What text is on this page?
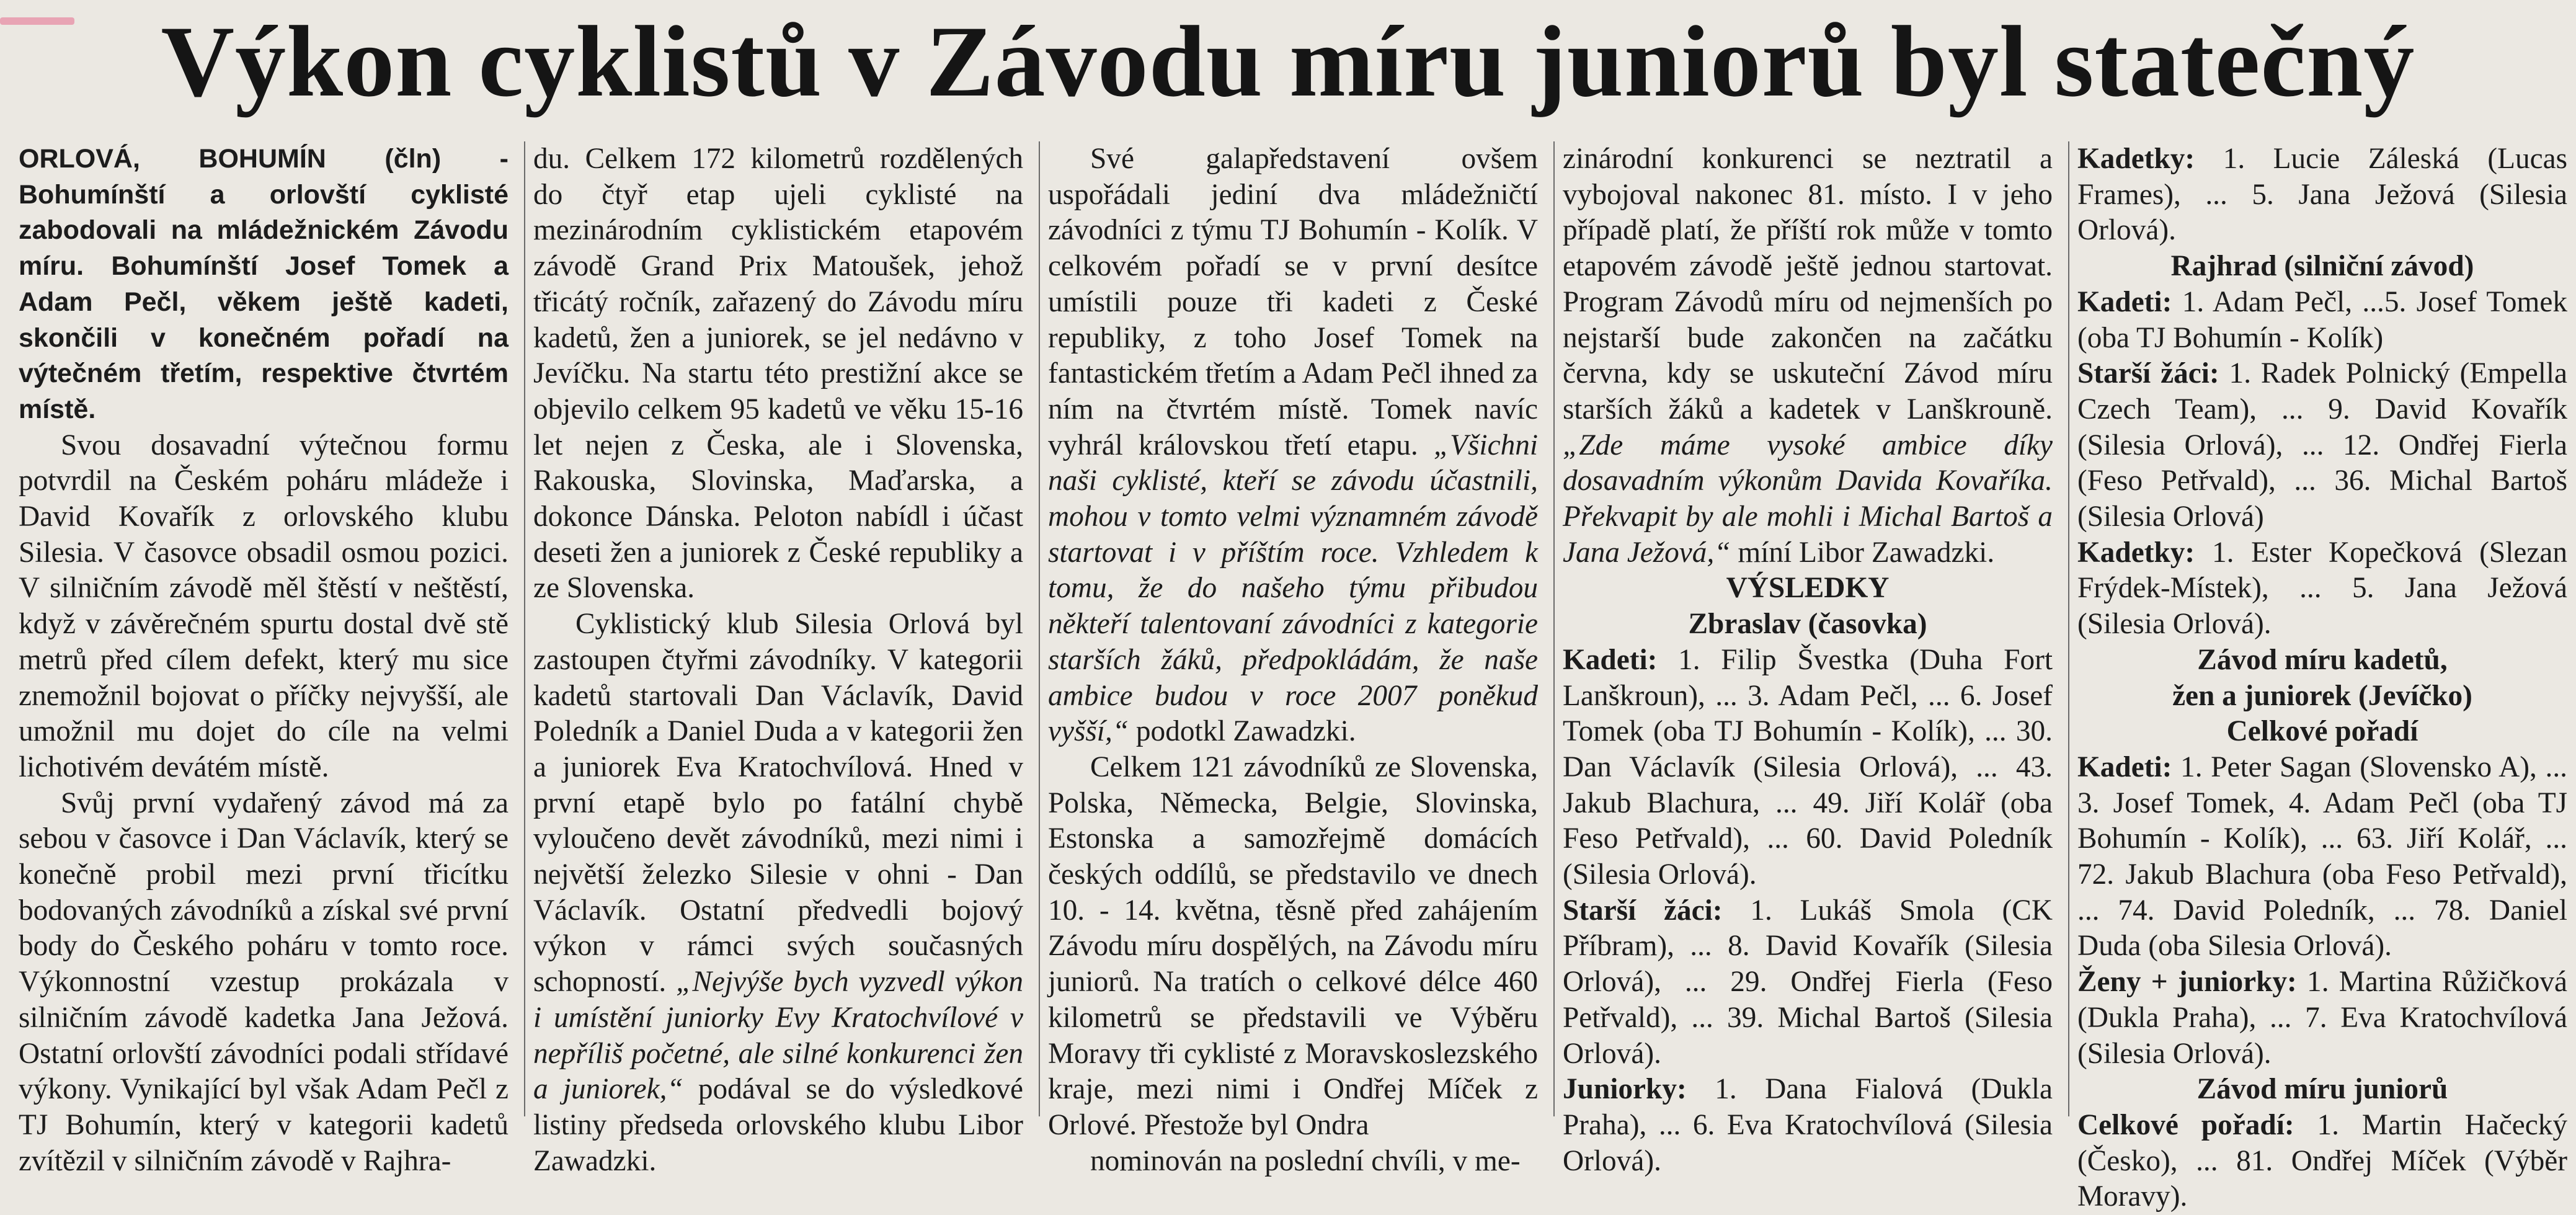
Výkon cyklistů v Závodu míru juniorů byl statečný
ORLOVÁ, BOHUMÍN (čln) - Bohumínští a orlovští cyklisté zabodovali na mládežnickém Závodu míru. Bohumínští Josef Tomek a Adam Pečl, věkem ještě kadeti, skončili v konečném pořadí na výtečném třetím, respektive čtvrtém místě.

Svou dosavadní výtečnou formu potvrdil na Českém poháru mládeže i David Kovařík z orlovského klubu Silesia. V časovce obsadil osmou pozici. V silničním závodě měl štěstí v neštěstí, když v závěrečném spurtu dostal dvě stě metrů před cílem defekt, který mu sice znemožnil bojovat o příčky nejvyšší, ale umožnil mu dojet do cíle na velmi lichotivém devátém místě.

Svůj první vydařený závod má za sebou v časovce i Dan Václavík, který se konečně probil mezi první třicítku bodovaných závodníků a získal své první body do Českého poháru v tomto roce. Výkonnostní vzestup prokázala v silničním závodě kadetka Jana Ježová. Ostatní orlovští závodníci podali střídavé výkony. Vynikající byl však Adam Pečl z TJ Bohumín, který v kategorii kadetů zvítězil v silničním závodě v Rajhra-

du. Celkem 172 kilometrů rozdělených do čtyř etap ujeli cyklisté na mezinárodním cyklistickém etapovém závodě Grand Prix Matoušek, jehož třicátý ročník, zařazený do Závodu míru kadetů, žen a juniorek, se jel nedávno v Jevíčku. Na startu této prestižní akce se objevilo celkem 95 kadetů ve věku 15-16 let nejen z Česka, ale i Slovenska, Rakouska, Slovinska, Maďarska, a dokonce Dánska. Peloton nabídl i účast deseti žen a juniorek z České republiky a ze Slovenska.

Cyklistický klub Silesia Orlová byl zastoupen čtyřmi závodníky. V kategorii kadetů startovali Dan Václavík, David Poledník a Daniel Duda a v kategorii žen a juniorek Eva Kratochvílová. Hned v první etapě bylo po fatální chybě vyloučeno devět závodníků, mezi nimi i největší železko Silesie v ohni - Dan Václavík. Ostatní předvedli bojový výkon v rámci svých současných schopností. „Nejvýše bych vyzvedl výkon i umístění juniorky Evy Kratochvílové v nepříliš početné, ale silné konkurenci žen a juniorek,“ podával se do výsledkové listiny předseda orlovského klubu Libor Zawadzki.

Své galapředstavení ovšem uspořádali jediní dva mládežničtí závodníci z týmu TJ Bohumín - Kolík. V celkovém pořadí se v první desítce umístili pouze tři kadeti z České republiky, z toho Josef Tomek na fantastickém třetím a Adam Pečl ihned za ním na čtvrtém místě. Tomek navíc vyhrál královskou třetí etapu. „Všichni naši cyklisté, kteří se závodu účastnili, mohou v tomto velmi významném závodě startovat i v příštím roce. Vzhledem k tomu, že do našeho týmu přibudou někteří talentovaní závodníci z kategorie starších žáků, předpokládám, že naše ambice budou v roce 2007 poněkud vyšší,“ podotkl Zawadzki.

Celkem 121 závodníků ze Slovenska, Polska, Německa, Belgie, Slovinska, Estonska a samozřejmě domácích českých oddílů, se představilo ve dnech 10. - 14. května, těsně před zahájením Závodu míru dospělých, na Závodu míru juniorů. Na tratích o celkové délce 460 kilometrů se představili ve Výběru Moravy tři cyklisté z Moravskoslezského kraje, mezi nimi i Ondřej Míček z Orlové. Přestože byl Ondra

nominován na poslední chvíli, v me-

zinárodní konkurenci se neztratil a vybojoval nakonec 81. místo. I v jeho případě platí, že příští rok může v tomto etapovém závodě ještě jednou startovat. Program Závodů míru od nejmenších po nejstarší bude zakončen na začátku června, kdy se uskuteční Závod míru starších žáků a kadetek v Lanškrouně. „Zde máme vysoké ambice díky dosavadním výkonům Davida Kovaříka. Překvapit by ale mohli i Michal Bartoš a Jana Ježová,“ míní Libor Zawadzki.

VÝSLEDKY
Zbraslav (časovka)

Kadeti: 1. Filip Švestka (Duha Fort Lanškroun), ... 3. Adam Pečl, ... 6. Josef Tomek (oba TJ Bohumín - Kolík), ... 30. Dan Václavík (Silesia Orlová), ... 43. Jakub Blachura, ... 49. Jiří Kolář (oba Feso Petřvald), ... 60. David Poledník (Silesia Orlová).

Starší žáci: 1. Lukáš Smola (CK Příbram), ... 8. David Kovařík (Silesia Orlová), ... 29. Ondřej Fierla (Feso Petřvald), ... 39. Michal Bartoš (Silesia Orlová).

Juniorky: 1. Dana Fialová (Dukla Praha), ... 6. Eva Kratochvílová (Silesia Orlová).

Kadetky: 1. Lucie Záleská (Lucas Frames), ... 5. Jana Ježová (Silesia Orlová).

Rajhrad (silniční závod)

Kadeti: 1. Adam Pečl, ...5. Josef Tomek (oba TJ Bohumín - Kolík)

Starší žáci: 1. Radek Polnický (Empella Czech Team), ... 9. David Kovařík (Silesia Orlová), ... 12. Ondřej Fierla (Feso Petřvald), ... 36. Michal Bartoš (Silesia Orlová)

Kadetky: 1. Ester Kopečková (Slezan Frýdek-Místek), ... 5. Jana Ježová (Silesia Orlová).

Závod míru kadetů,
žen a juniorek (Jevíčko)
Celkové pořadí

Kadeti: 1. Peter Sagan (Slovensko A), ... 3. Josef Tomek, 4. Adam Pečl (oba TJ Bohumín - Kolík), ... 63. Jiří Kolář, ... 72. Jakub Blachura (oba Feso Petřvald), ... 74. David Poledník, ... 78. Daniel Duda (oba Silesia Orlová).

Ženy + juniorky: 1. Martina Růžičková (Dukla Praha), ... 7. Eva Kratochvílová (Silesia Orlová).

Závod míru juniorů

Celkové pořadí: 1. Martin Hačecký (Česko), ... 81. Ondřej Míček (Výběr Moravy).
